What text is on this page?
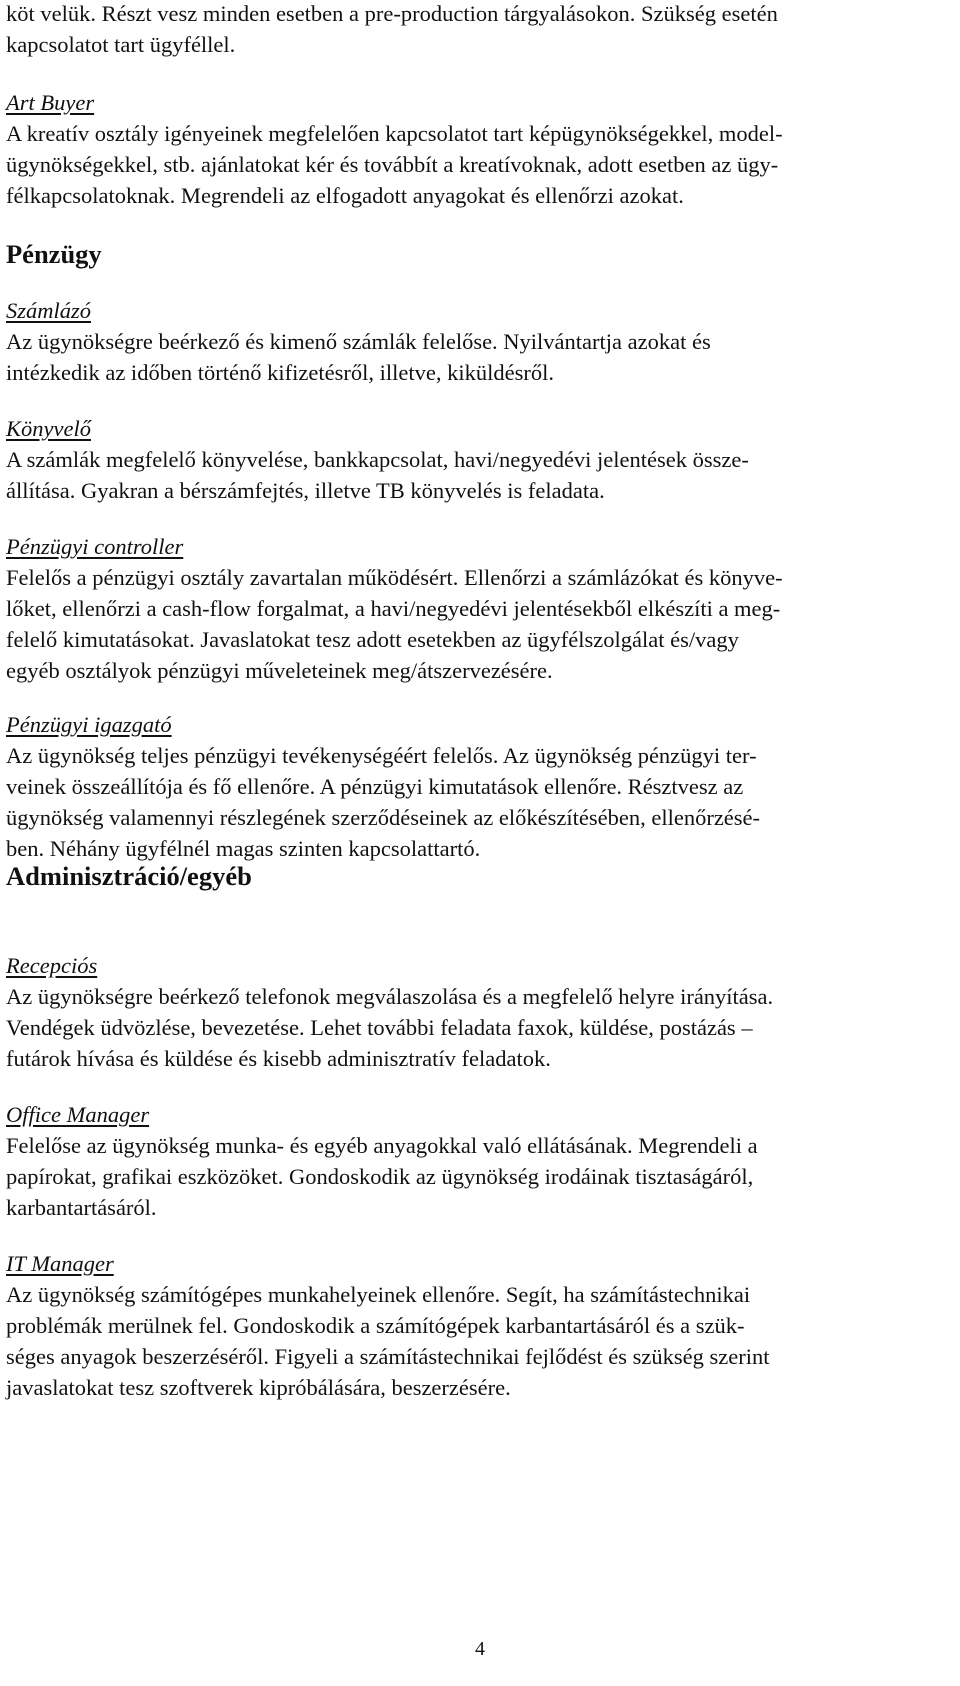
köt velük. Részt vesz minden esetben a pre-production tárgyalásokon. Szükség esetén
kapcsolatot tart ügyféllel.

Art Buyer

A kreatív osztály igényeinek megfelelően kapcsolatot tart képügynökségekkel, model-
ügynökségekkel, stb. ajánlatokat kér és továbbít a kreatívoknak, adott esetben az ügy-
félkapcsolatoknak. Megrendeli az elfogadott anyagokat és ellenőrzi azokat.

Pénzügy

Számlázó

Az ügynökségre beérkező és kimenő számlák felelőse. Nyilvántartja azokat és
intézkedik az időben történő kifizetésről, illetve, kiküldésről.

Könyvelő

A számlák megfelelő könyvelése, bankkapcsolat, havi/negyedévi jelentések össze-
állítása. Gyakran a bérszámfejtés, illetve TB könyvelés is feladata.

Pénzügyi controller

Felelős a pénzügyi osztály zavartalan működésért. Ellenőrzi a számlázókat és könyve-
lőket, ellenőrzi a cash-flow forgalmat, a havi/negyedévi jelentésekből elkészíti a meg-
felelő kimutatásokat. Javaslatokat tesz adott esetekben az ügyfélszolgálat és/vagy
egyéb osztályok pénzügyi műveleteinek meg/átszervezésére.

Pénzügyi igazgató

Az ügynökség teljes pénzügyi tevékenységéért felelős. Az ügynökség pénzügyi ter-
veinek összeállítója és fő ellenőre. A pénzügyi kimutatások ellenőre. Résztvesz az
ügynökség valamennyi részlegének szerződéseinek az előkészítésében, ellenőrzésé-
ben. Néhány ügyfélnél magas szinten kapcsolattartó.

Adminisztráció/egyéb

Recepciós

Az ügynökségre beérkező telefonok megválaszolása és a megfelelő helyre irányítása.
Vendégek üdvözlése, bevezetése. Lehet további feladata faxok, küldése, postázás –
futárok hívása és küldése és kisebb adminisztratív feladatok.

Office Manager

Felelőse az ügynökség munka- és egyéb anyagokkal való ellátásának. Megrendeli a
papírokat, grafikai eszközöket. Gondoskodik az ügynökség irodáinak tisztaságáról,
karbantartásáról.

IT Manager

Az ügynökség számítógépes munkahelyeinek ellenőre. Segít, ha számítástechnikai
problémák merülnek fel. Gondoskodik a számítógépek karbantartásáról és a szük-
séges anyagok beszerzéséről. Figyeli a számítástechnikai fejlődést és szükség szerint
javaslatokat tesz szoftverek kipróbálására, beszerzésére.

4
